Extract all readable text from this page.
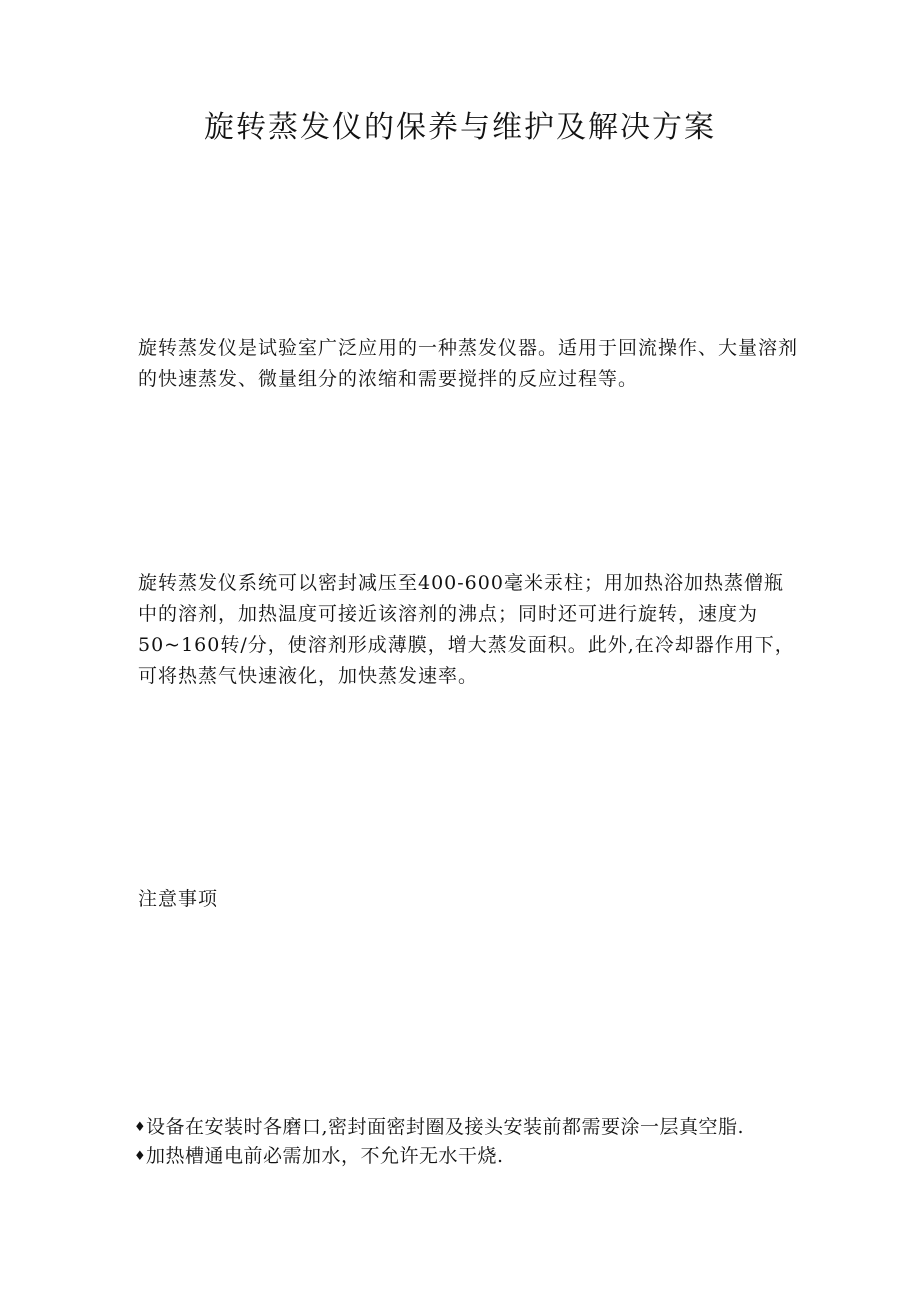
旋转蒸发仪的保养与维护及解决方案

旋转蒸发仪是试验室广泛应用的一种蒸发仪器。适用于回流操作、大量溶剂的快速蒸发、微量组分的浓缩和需要搅拌的反应过程等。

旋转蒸发仪系统可以密封减压至400-600毫米汞柱；用加热浴加热蒸僧瓶中的溶剂，加热温度可接近该溶剂的沸点；同时还可进行旋转，速度为50~160转/分，使溶剂形成薄膜，增大蒸发面积。此外,在冷却器作用下，可将热蒸气快速液化，加快蒸发速率。

注意事项

♦ 设备在安装时各磨口,密封面密封圈及接头安装前都需要涂一层真空脂.
♦ 加热槽通电前必需加水，不允许无水干烧.
